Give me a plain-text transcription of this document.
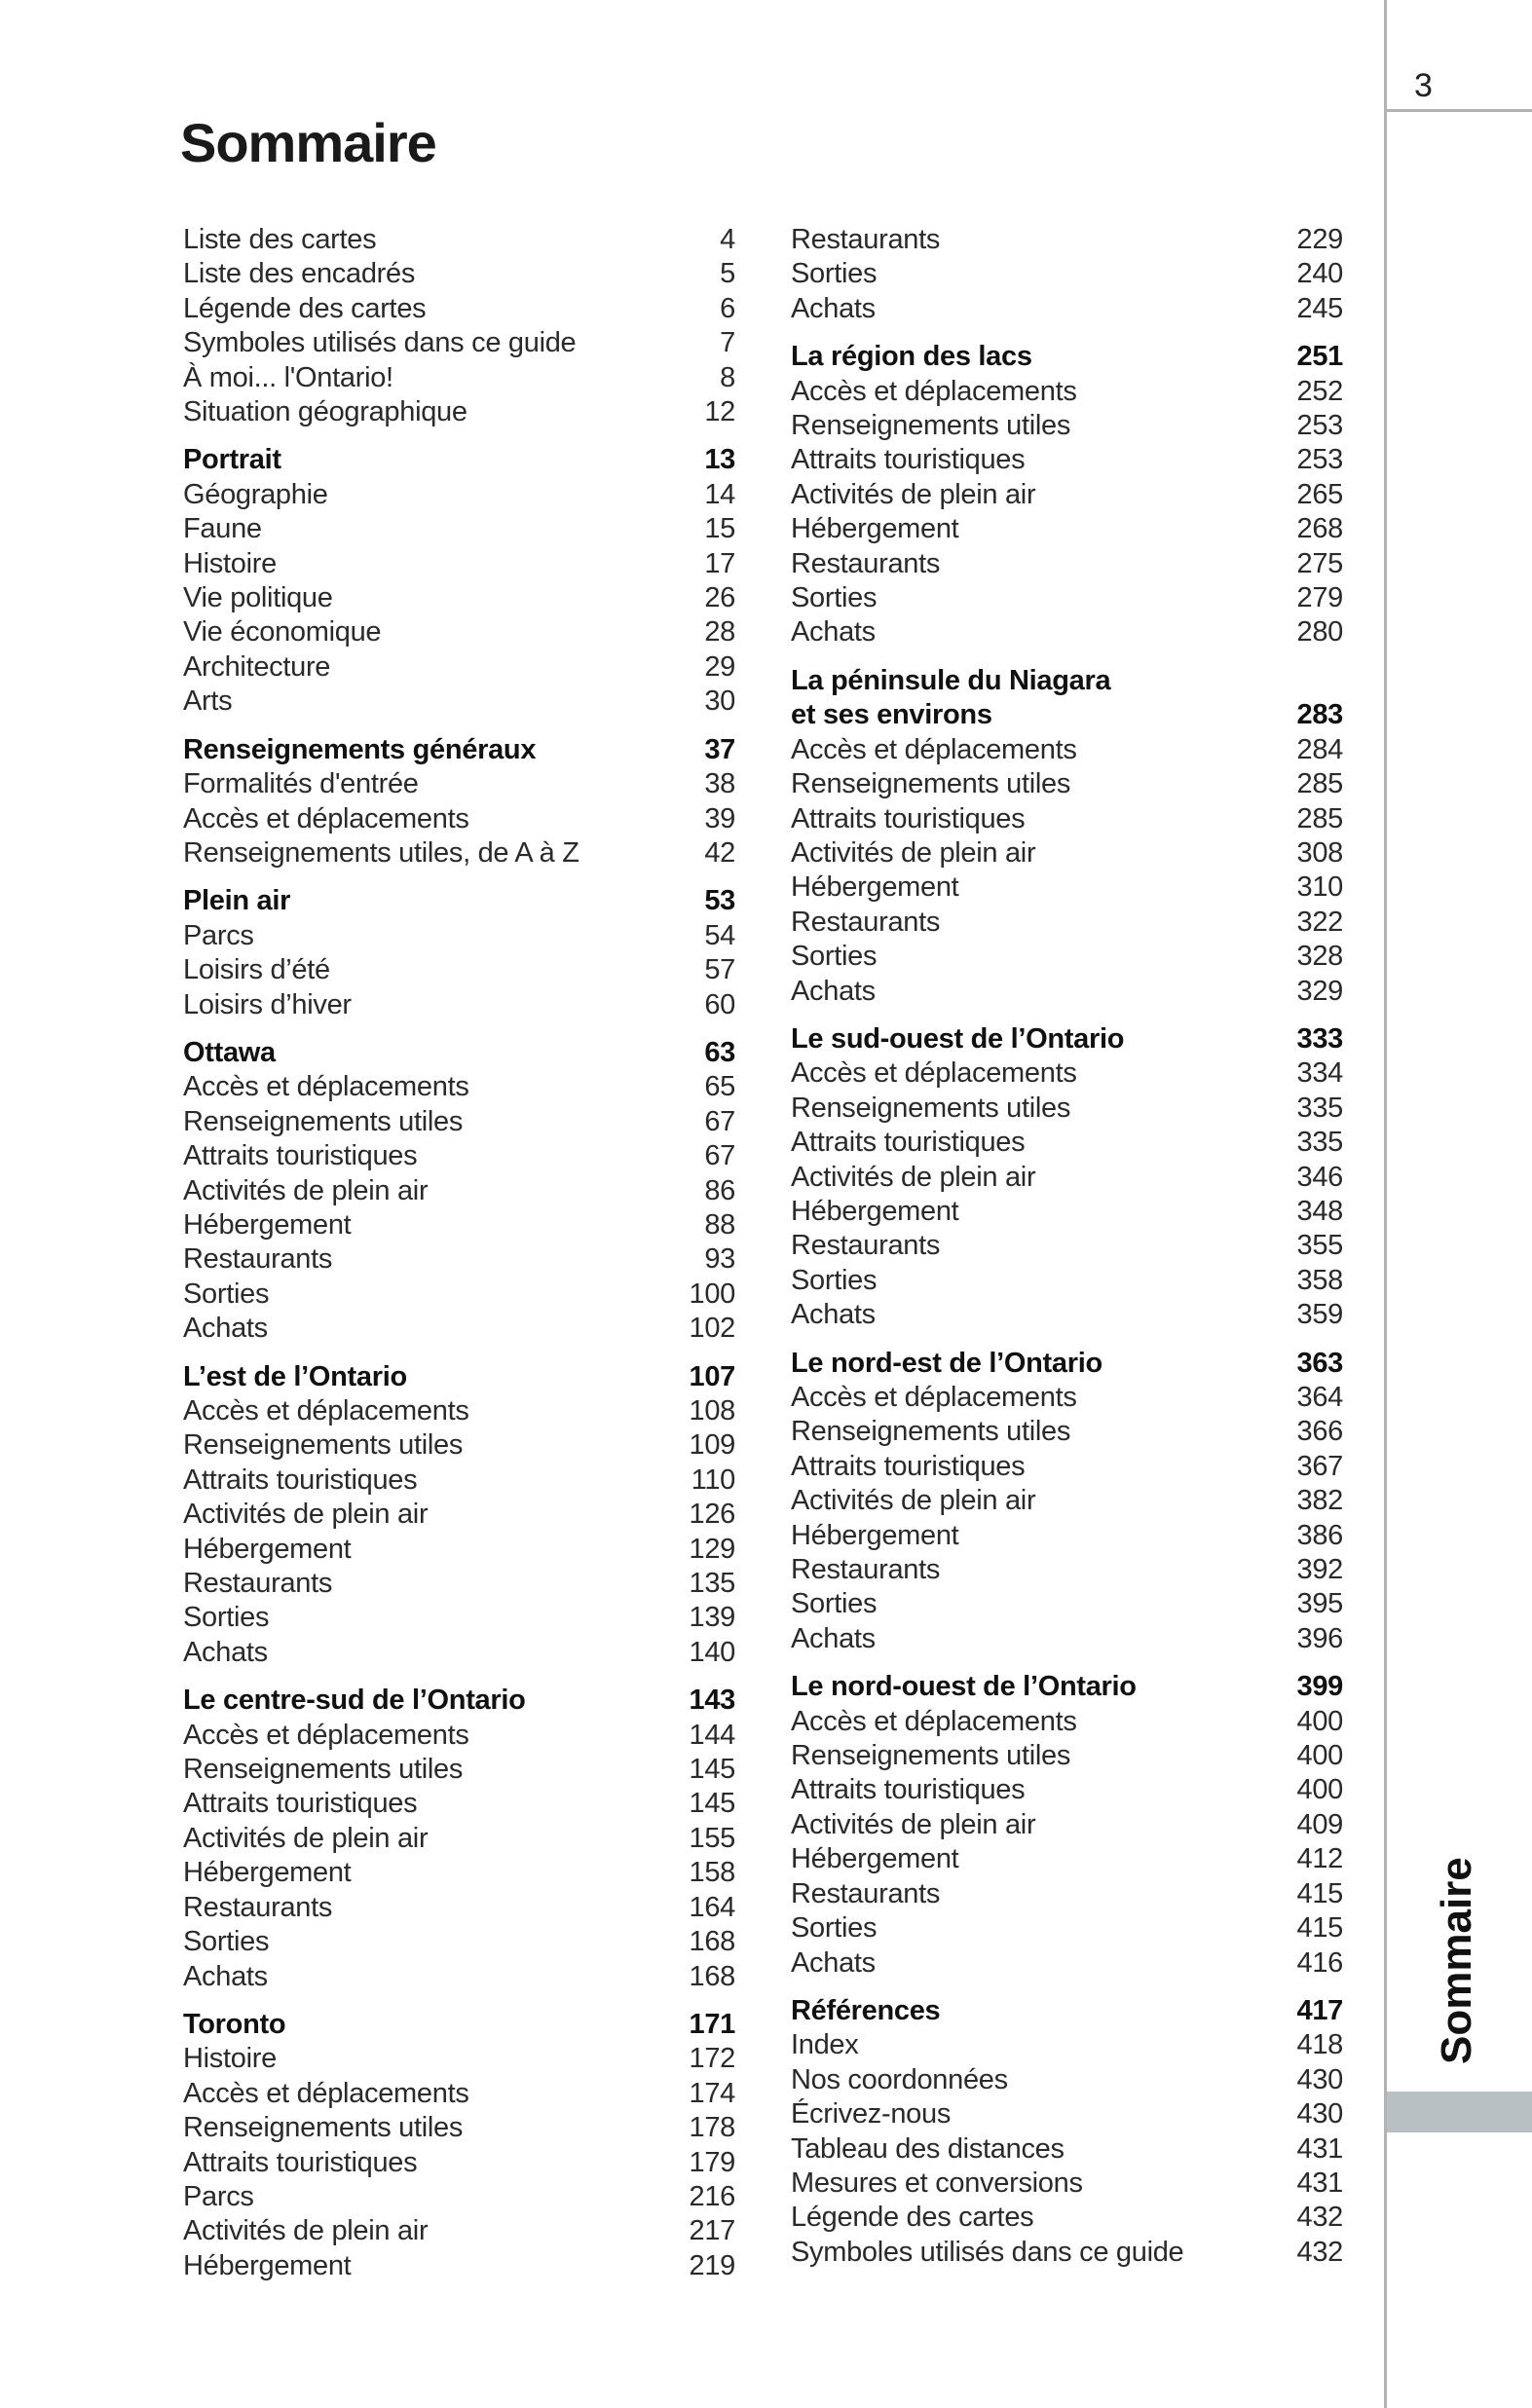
Sommaire
Liste des cartes	4
Liste des encadrés	5
Légende des cartes	6
Symboles utilisés dans ce guide	7
À moi... l'Ontario!	8
Situation géographique	12
Portrait	13
Géographie	14
Faune	15
Histoire	17
Vie politique	26
Vie économique	28
Architecture	29
Arts	30
Renseignements généraux	37
Formalités d'entrée	38
Accès et déplacements	39
Renseignements utiles, de A à Z	42
Plein air	53
Parcs	54
Loisirs d’été	57
Loisirs d’hiver	60
Ottawa	63
Accès et déplacements	65
Renseignements utiles	67
Attraits touristiques	67
Activités de plein air	86
Hébergement	88
Restaurants	93
Sorties	100
Achats	102
L’est de l’Ontario	107
Accès et déplacements	108
Renseignements utiles	109
Attraits touristiques	110
Activités de plein air	126
Hébergement	129
Restaurants	135
Sorties	139
Achats	140
Le centre-sud de l’Ontario	143
Accès et déplacements	144
Renseignements utiles	145
Attraits touristiques	145
Activités de plein air	155
Hébergement	158
Restaurants	164
Sorties	168
Achats	168
Toronto	171
Histoire	172
Accès et déplacements	174
Renseignements utiles	178
Attraits touristiques	179
Parcs	216
Activités de plein air	217
Hébergement	219
Restaurants	229
Sorties	240
Achats	245
La région des lacs	251
Accès et déplacements	252
Renseignements utiles	253
Attraits touristiques	253
Activités de plein air	265
Hébergement	268
Restaurants	275
Sorties	279
Achats	280
La péninsule du Niagara
et ses environs	283
Accès et déplacements	284
Renseignements utiles	285
Attraits touristiques	285
Activités de plein air	308
Hébergement	310
Restaurants	322
Sorties	328
Achats	329
Le sud-ouest de l’Ontario	333
Accès et déplacements	334
Renseignements utiles	335
Attraits touristiques	335
Activités de plein air	346
Hébergement	348
Restaurants	355
Sorties	358
Achats	359
Le nord-est de l’Ontario	363
Accès et déplacements	364
Renseignements utiles	366
Attraits touristiques	367
Activités de plein air	382
Hébergement	386
Restaurants	392
Sorties	395
Achats	396
Le nord-ouest de l’Ontario	399
Accès et déplacements	400
Renseignements utiles	400
Attraits touristiques	400
Activités de plein air	409
Hébergement	412
Restaurants	415
Sorties	415
Achats	416
Références	417
Index	418
Nos coordonnées	430
Écrivez-nous	430
Tableau des distances	431
Mesures et conversions	431
Légende des cartes	432
Symboles utilisés dans ce guide	432
3
Sommaire
